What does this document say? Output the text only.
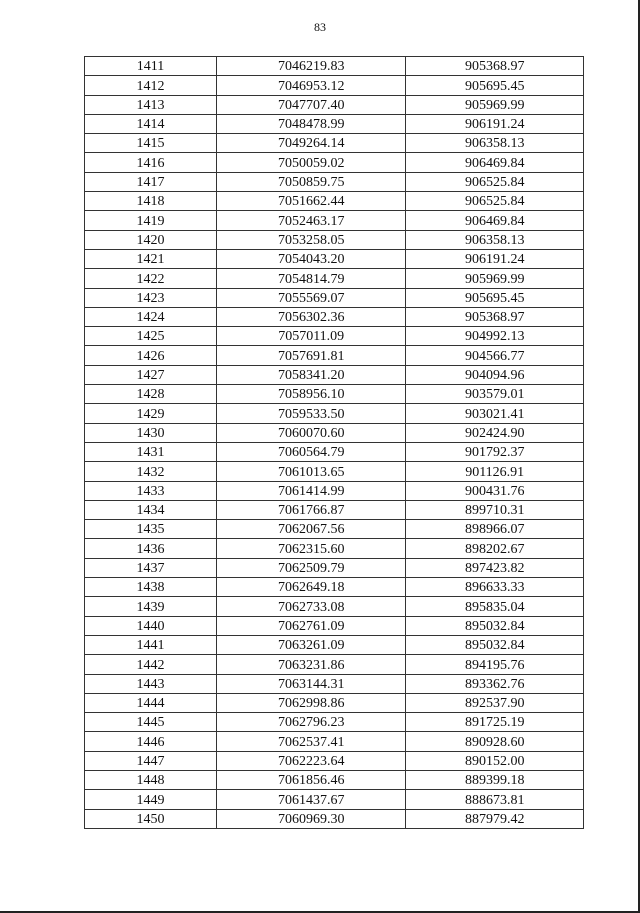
83
1411	7046219.83	905368.97
1412	7046953.12	905695.45
1413	7047707.40	905969.99
1414	7048478.99	906191.24
1415	7049264.14	906358.13
1416	7050059.02	906469.84
1417	7050859.75	906525.84
1418	7051662.44	906525.84
1419	7052463.17	906469.84
1420	7053258.05	906358.13
1421	7054043.20	906191.24
1422	7054814.79	905969.99
1423	7055569.07	905695.45
1424	7056302.36	905368.97
1425	7057011.09	904992.13
1426	7057691.81	904566.77
1427	7058341.20	904094.96
1428	7058956.10	903579.01
1429	7059533.50	903021.41
1430	7060070.60	902424.90
1431	7060564.79	901792.37
1432	7061013.65	901126.91
1433	7061414.99	900431.76
1434	7061766.87	899710.31
1435	7062067.56	898966.07
1436	7062315.60	898202.67
1437	7062509.79	897423.82
1438	7062649.18	896633.33
1439	7062733.08	895835.04
1440	7062761.09	895032.84
1441	7063261.09	895032.84
1442	7063231.86	894195.76
1443	7063144.31	893362.76
1444	7062998.86	892537.90
1445	7062796.23	891725.19
1446	7062537.41	890928.60
1447	7062223.64	890152.00
1448	7061856.46	889399.18
1449	7061437.67	888673.81
1450	7060969.30	887979.42
